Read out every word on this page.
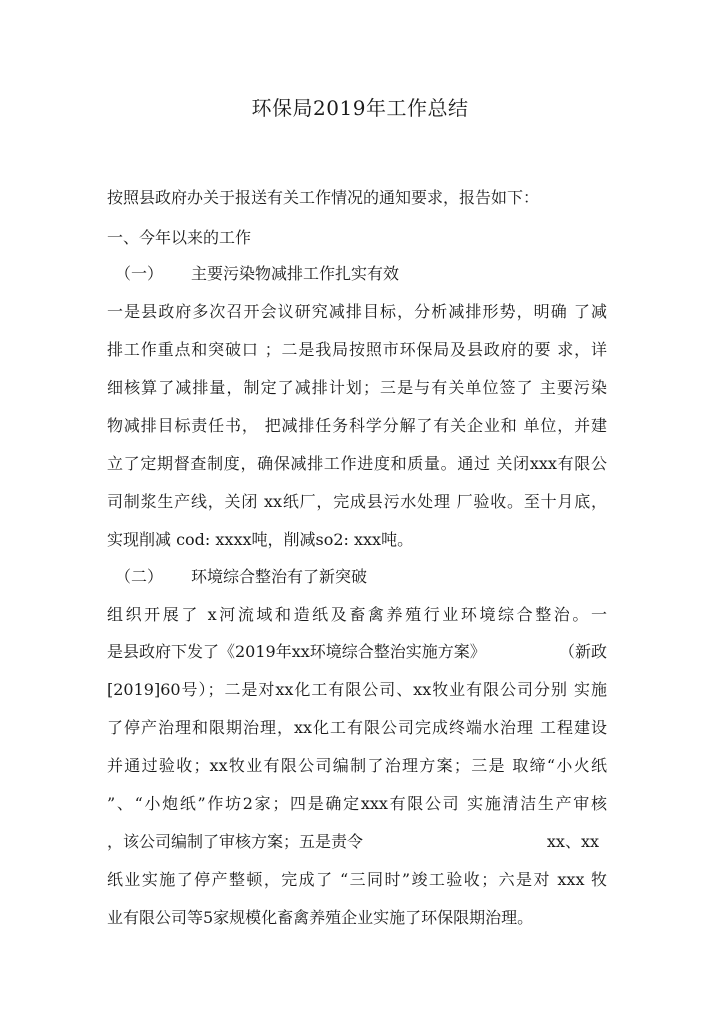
环保局2019年工作总结
按照县政府办关于报送有关工作情况的通知要求，报告如下：
一、今年以来的工作
（一） 主要污染物减排工作扎实有效
一是县政府多次召开会议研究减排目标，分析减排形势，明确 了减
排工作重点和突破口 ；二是我局按照市环保局及县政府的要 求，详
细核算了减排量，制定了减排计划；三是与有关单位签了 主要污染
物减排目标责任书， 把减排任务科学分解了有关企业和 单位，并建
立了定期督查制度，确保减排工作进度和质量。通过 关闭xxx有限公
司制浆生产线，关闭 xx纸厂，完成县污水处理 厂验收。至十月底，
实现削减 cod: xxxx吨，削减so2: xxx吨。
（二） 环境综合整治有了新突破
组织开展了 x河流域和造纸及畜禽养殖行业环境综合整治。一
是县政府下发了《2019年xx环境综合整治实施方案》	（新政
[2019]60号）；二是对xx化工有限公司、xx牧业有限公司分别 实施
了停产治理和限期治理，xx化工有限公司完成终端水治理 工程建设
并通过验收；xx牧业有限公司编制了治理方案；三是 取缔“小火纸
”、“小炮纸”作坊2家；四是确定xxx有限公司 实施清洁生产审核
，该公司编制了审核方案；五是责令	xx、xx
纸业实施了停产整顿，完成了 “三同时”竣工验收；六是对 xxx 牧
业有限公司等5家规模化畜禽养殖企业实施了环保限期治理。
